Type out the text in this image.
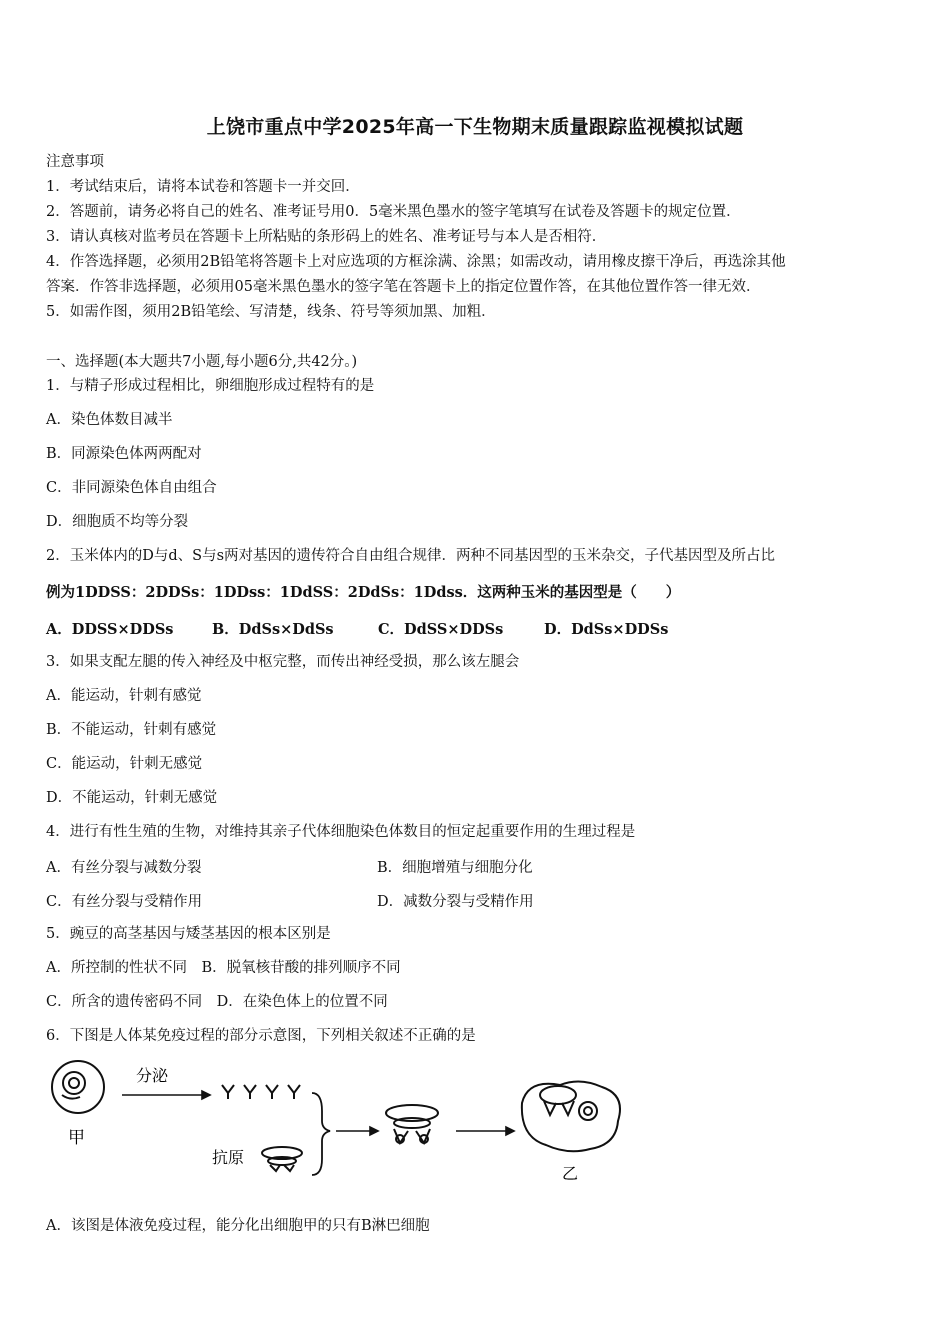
上饶市重点中学2025年高一下生物期末质量跟踪监视模拟试题
注意事项
1．考试结束后，请将本试卷和答题卡一并交回．
2．答题前，请务必将自己的姓名、准考证号用0．5毫米黑色墨水的签字笔填写在试卷及答题卡的规定位置．
3．请认真核对监考员在答题卡上所粘贴的条形码上的姓名、准考证号与本人是否相符．
4．作答选择题，必须用2B铅笔将答题卡上对应选项的方框涂满、涂黑；如需改动，请用橡皮擦干净后，再选涂其他
答案．作答非选择题，必须用05毫米黑色墨水的签字笔在答题卡上的指定位置作答，在其他位置作答一律无效．
5．如需作图，须用2B铅笔绘、写清楚，线条、符号等须加黑、加粗．
一、选择题(本大题共7小题,每小题6分,共42分。)
1．与精子形成过程相比，卵细胞形成过程特有的是
A．染色体数目减半
B．同源染色体两两配对
C．非同源染色体自由组合
D．细胞质不均等分裂
2．玉米体内的D与d、S与s两对基因的遗传符合自由组合规律．两种不同基因型的玉米杂交，子代基因型及所占比
例为1DDSS：2DDSs：1DDss：1DdSS：2DdSs：1Ddss．这两种玉米的基因型是（　　）
A．DDSS×DDSs	B．DdSs×DdSs	C．DdSS×DDSs	D．DdSs×DDSs
3．如果支配左腿的传入神经及中枢完整，而传出神经受损，那么该左腿会
A．能运动，针刺有感觉
B．不能运动，针刺有感觉
C．能运动，针刺无感觉
D．不能运动，针刺无感觉
4．进行有性生殖的生物，对维持其亲子代体细胞染色体数目的恒定起重要作用的生理过程是
A．有丝分裂与减数分裂	B．细胞增殖与细胞分化
C．有丝分裂与受精作用	D．减数分裂与受精作用
5．豌豆的高茎基因与矮茎基因的根本区别是
A．所控制的性状不同　B．脱氧核苷酸的排列顺序不同
C．所含的遗传密码不同　D．在染色体上的位置不同
6．下图是人体某免疫过程的部分示意图，下列相关叙述不正确的是
甲
分泌
抗原
乙
A．该图是体液免疫过程，能分化出细胞甲的只有B淋巴细胞
